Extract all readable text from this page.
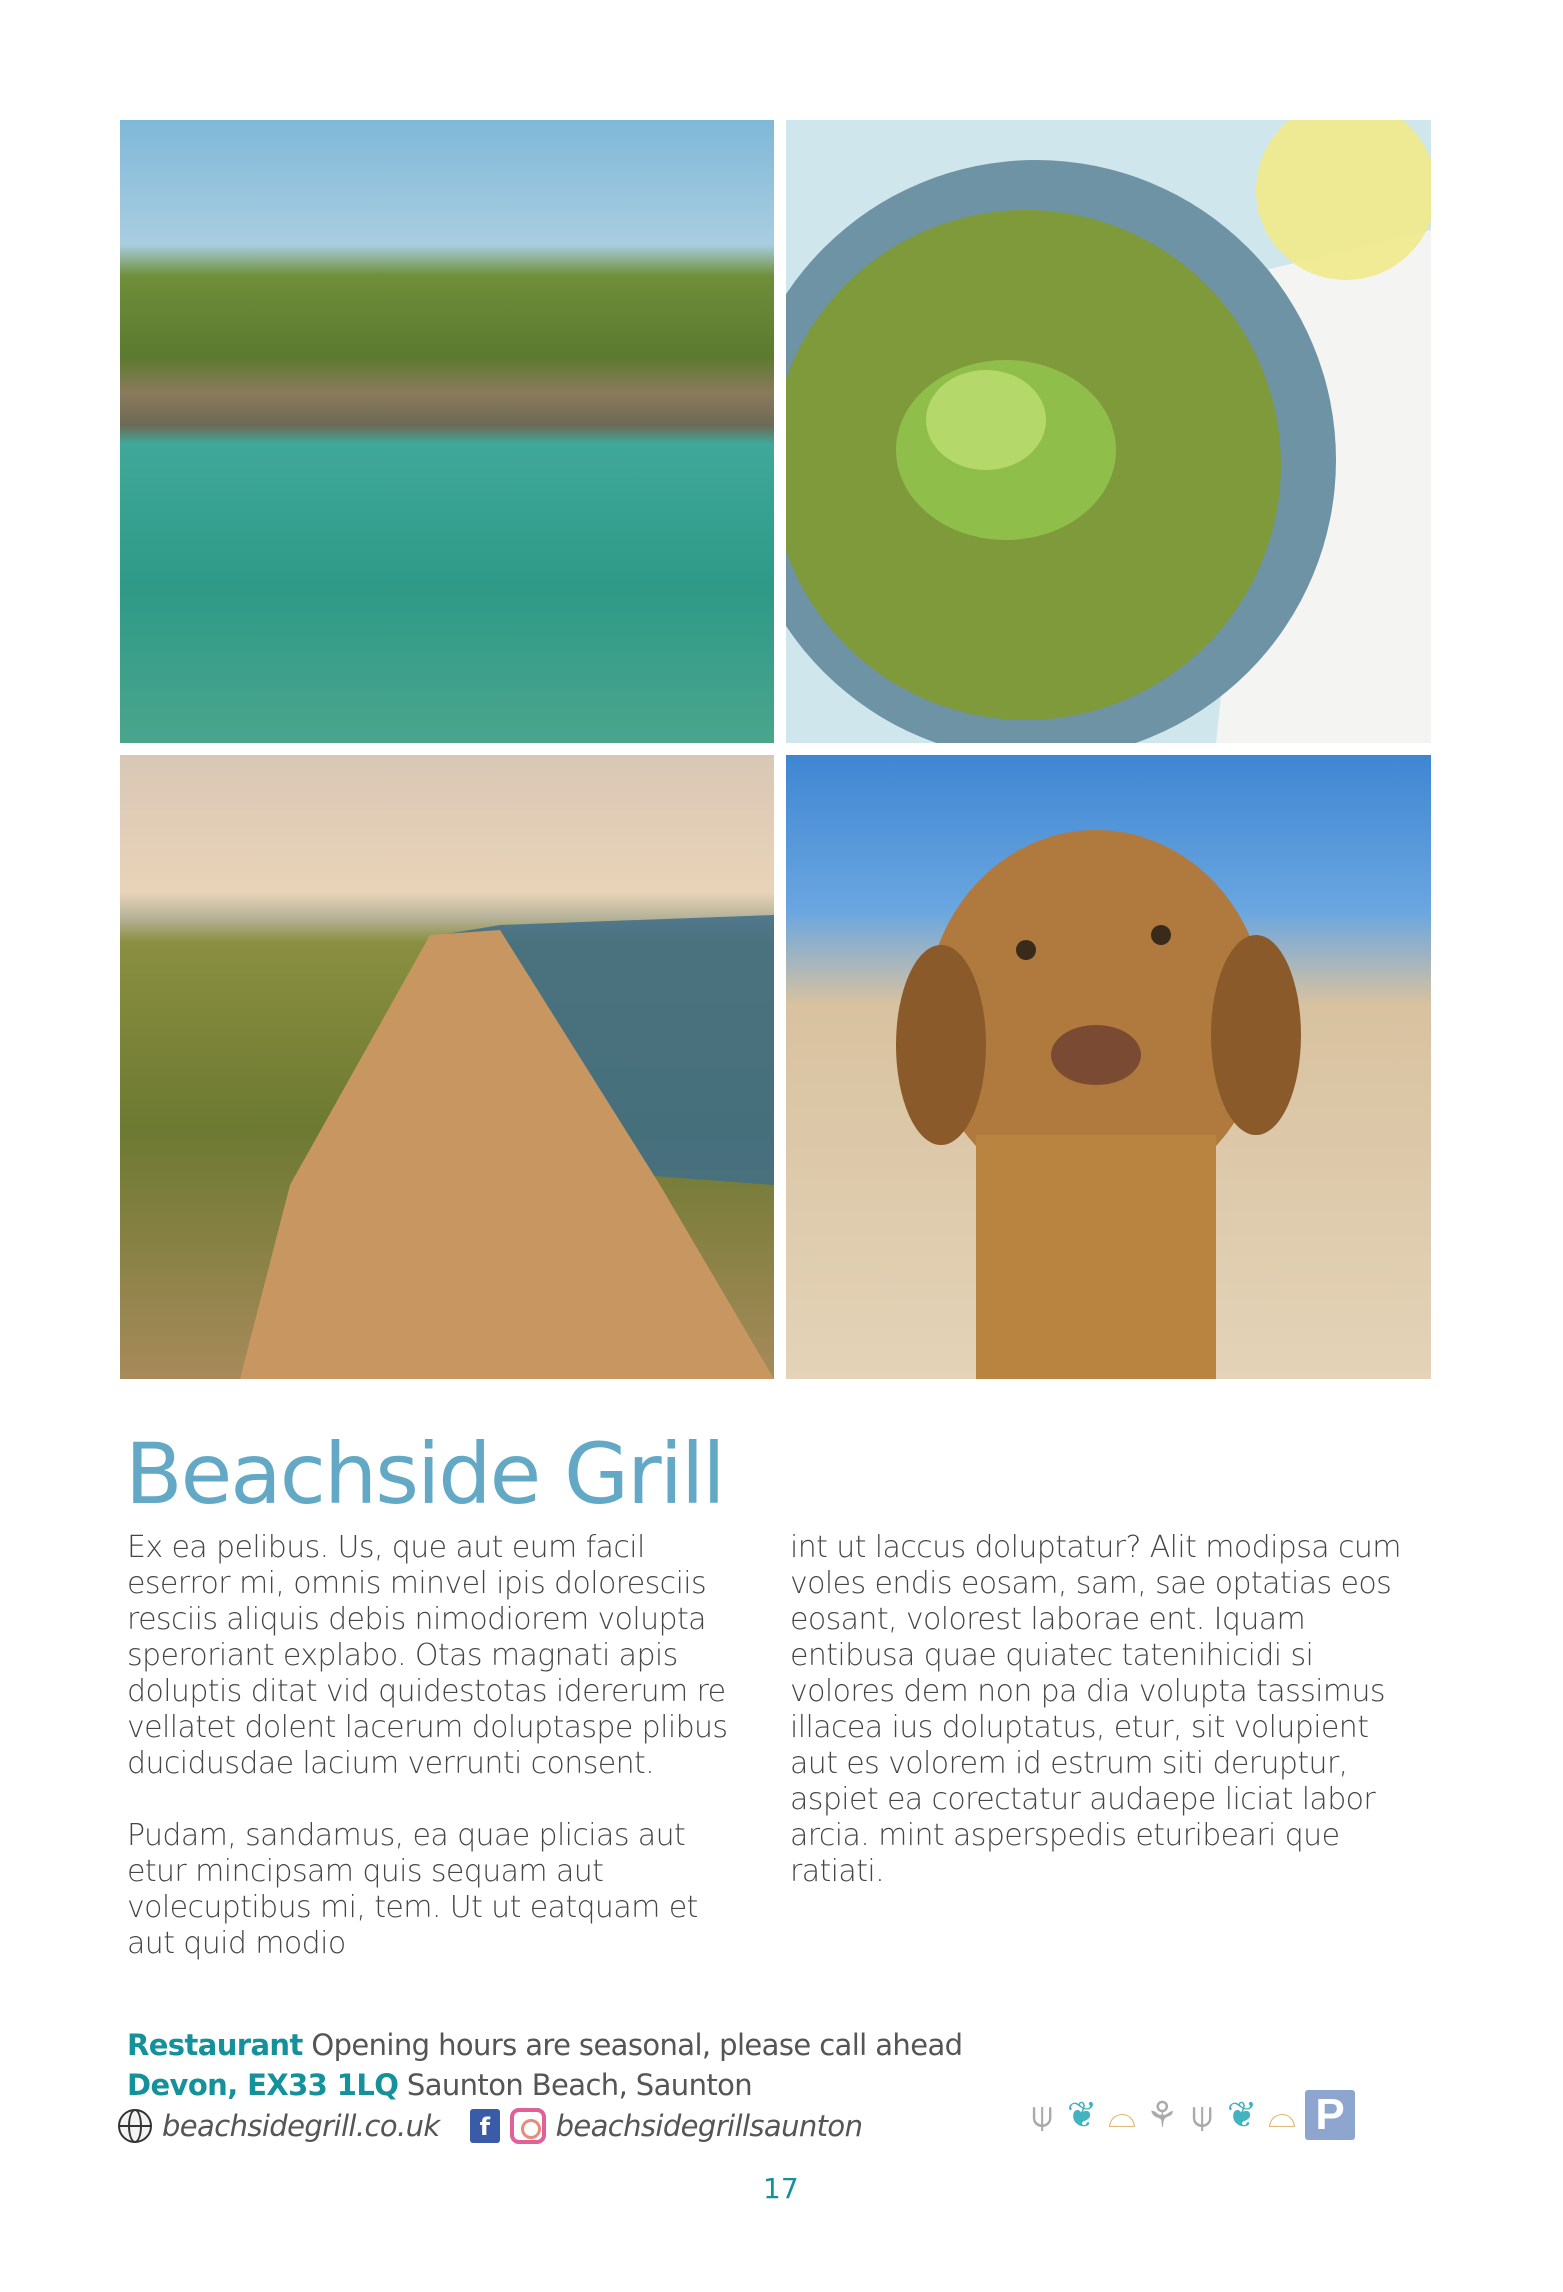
Beachside Grill

Ex ea pelibus. Us, que aut eum facil eserror mi, omnis minvel ipis doloresciis resciis aliquis debis nimodiorem volupta speroriant explabo. Otas magnati apis doluptis ditat vid quidestotas idererum re vellatet dolent lacerum doluptaspe plibus ducidusdae lacium verrunti consent.

Pudam, sandamus, ea quae plicias aut etur mincipsam quis sequam aut volecuptibus mi, tem. Ut ut eatquam et aut quid modio

int ut laccus doluptatur? Alit modipsa cum voles endis eosam, sam, sae optatias eos eosant, volorest laborae ent. Iquam entibusa quae quiatec tatenihicidi si volores dem non pa dia volupta tassimus illacea ius doluptatus, etur, sit volupient aut es volorem id estrum siti deruptur, aspiet ea corectatur audaepe liciat labor arcia. mint asperspedis eturibeari que ratiati.

Restaurant Opening hours are seasonal, please call ahead
Devon, EX33 1LQ Saunton Beach, Saunton
beachsidegrill.co.uk	f	beachsidegrillsaunton	⍦ ❦ ⌓ ⚘ ⍦ ❦ ⌓ P
17
